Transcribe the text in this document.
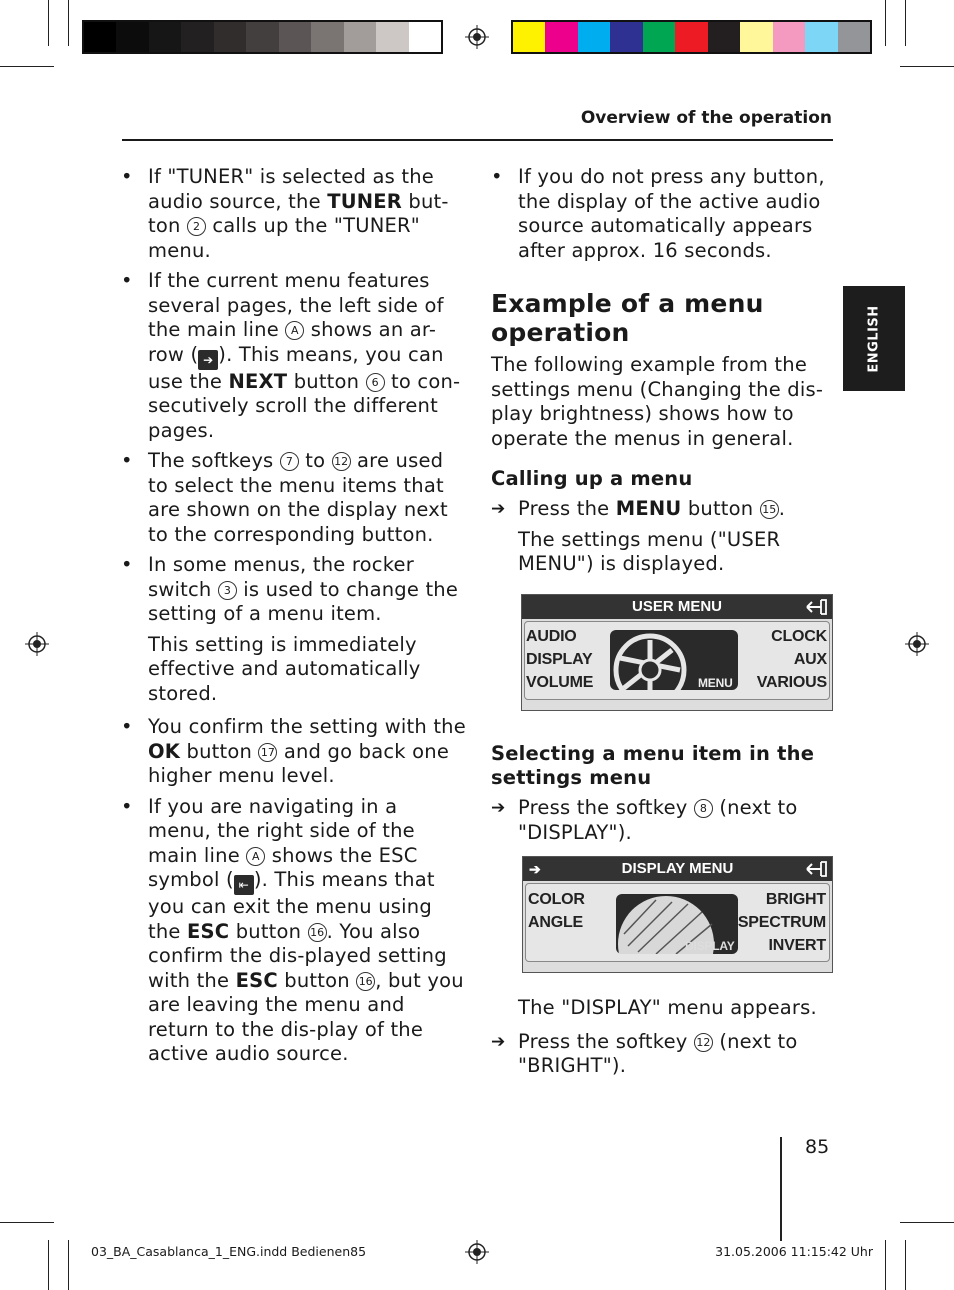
Overview of the operation
ENGLISH

• If "TUNER" is selected as the audio source, the TUNER but-ton 2 calls up the "TUNER" menu.

• If the current menu features several pages, the left side of the main line A shows an ar-row ( ➔ ). This means, you can use the NEXT button 6 to con-secutively scroll the different pages.

• The softkeys 7 to 12 are used to select the menu items that are shown on the display next to the corresponding button.

• In some menus, the rocker switch 3 is used to change the setting of a menu item.

This setting is immediately effective and automatically stored.

• You confirm the setting with the OK button 17 and go back one higher menu level.

• If you are navigating in a menu, the right side of the main line A shows the ESC symbol ( ⇤ ). This means that you can exit the menu using the ESC button 16 . You also confirm the dis-played setting with the ESC button 16 , but you are leaving the menu and return to the dis-play of the active audio source.

• If you do not press any button, the display of the active audio source automatically appears after approx. 16 seconds.

Example of a menu operation

The following example from the settings menu (Changing the dis-play brightness) shows how to operate the menus in general.

Calling up a menu

➔ Press the MENU button 15 .

The settings menu ("USER MENU") is displayed.

Selecting a menu item in the settings menu

➔ Press the softkey 8 (next to "DISPLAY").

The "DISPLAY" menu appears.

➔ Press the softkey 12 (next to "BRIGHT").

USER MENU
MENU
AUDIO
DISPLAY
VOLUME
CLOCK
AUX
VARIOUS
DISPLAY MENU
➔
DISPLAY
COLOR
ANGLE
BRIGHT
SPECTRUM
INVERT
85
03_BA_Casablanca_1_ENG.indd Bedienen85	31.05.2006 11:15:42 Uhr
